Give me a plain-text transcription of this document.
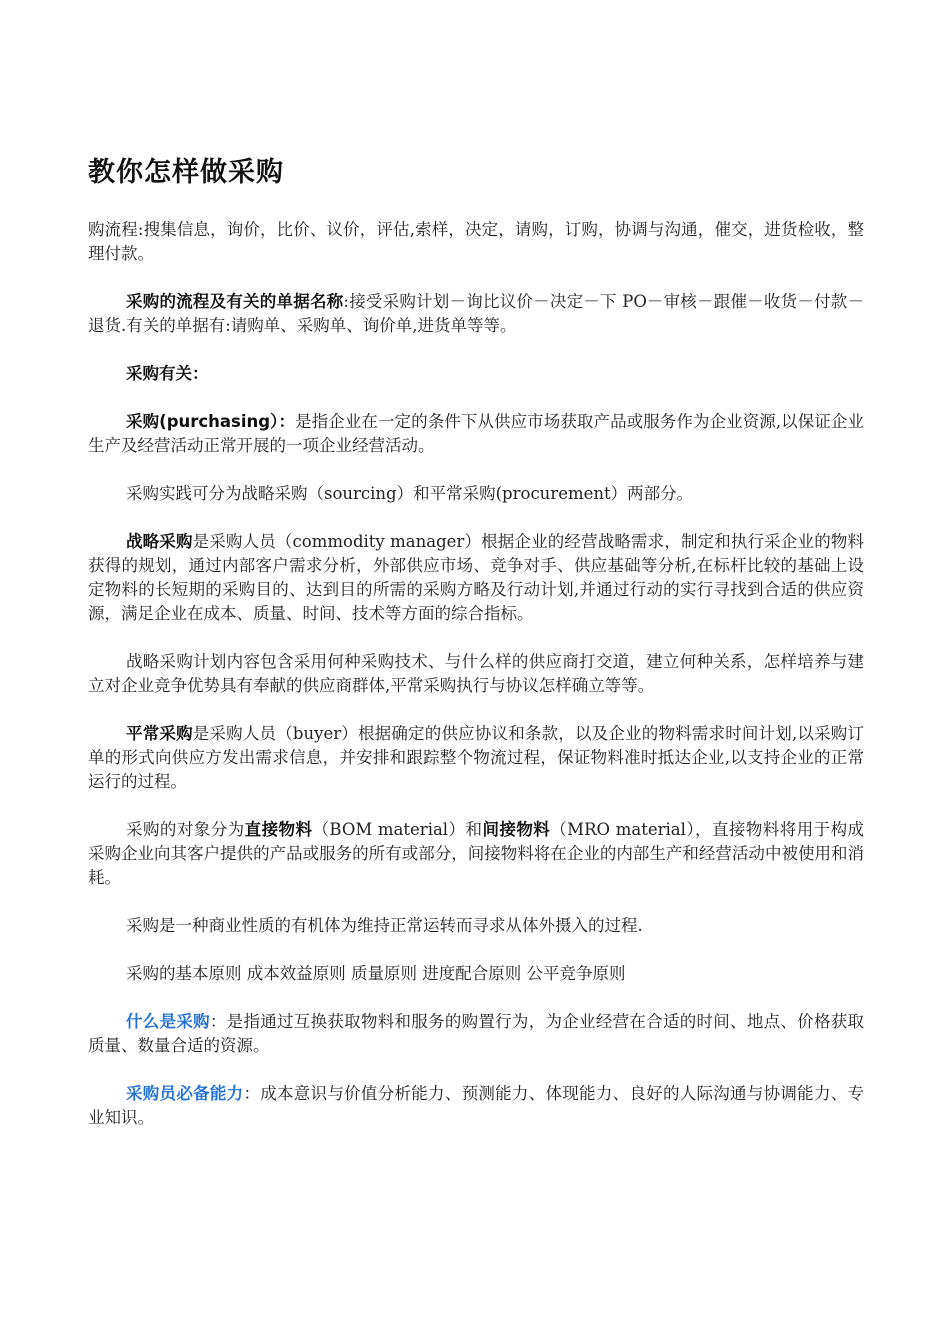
教你怎样做采购

购流程:搜集信息，询价，比价、议价，评估,索样，决定，请购，订购，协调与沟通，催交，进货检收，整理付款。

采购的流程及有关的单据名称:接受采购计划－询比议价－决定－下 PO－审核－跟催－收货－付款－退货.有关的单据有:请购单、采购单、询价单,进货单等等。

采购有关：

采购(purchasing）：是指企业在一定的条件下从供应市场获取产品或服务作为企业资源,以保证企业生产及经营活动正常开展的一项企业经营活动。

采购实践可分为战略采购（sourcing）和平常采购(procurement）两部分。

战略采购是采购人员（commodity manager）根据企业的经营战略需求，制定和执行采企业的物料获得的规划，通过内部客户需求分析，外部供应市场、竞争对手、供应基础等分析,在标杆比较的基础上设定物料的长短期的采购目的、达到目的所需的采购方略及行动计划,并通过行动的实行寻找到合适的供应资源，满足企业在成本、质量、时间、技术等方面的综合指标。

战略采购计划内容包含采用何种采购技术、与什么样的供应商打交道，建立何种关系，怎样培养与建立对企业竞争优势具有奉献的供应商群体,平常采购执行与协议怎样确立等等。

平常采购是采购人员（buyer）根据确定的供应协议和条款，以及企业的物料需求时间计划,以采购订单的形式向供应方发出需求信息，并安排和跟踪整个物流过程，保证物料准时抵达企业,以支持企业的正常运行的过程。

采购的对象分为直接物料（BOM material）和间接物料（MRO material），直接物料将用于构成采购企业向其客户提供的产品或服务的所有或部分，间接物料将在企业的内部生产和经营活动中被使用和消耗。

采购是一种商业性质的有机体为维持正常运转而寻求从体外摄入的过程.

采购的基本原则 成本效益原则 质量原则 进度配合原则 公平竞争原则

什么是采购：是指通过互换获取物料和服务的购置行为，为企业经营在合适的时间、地点、价格获取质量、数量合适的资源。

采购员必备能力：成本意识与价值分析能力、预测能力、体现能力、良好的人际沟通与协调能力、专业知识。
